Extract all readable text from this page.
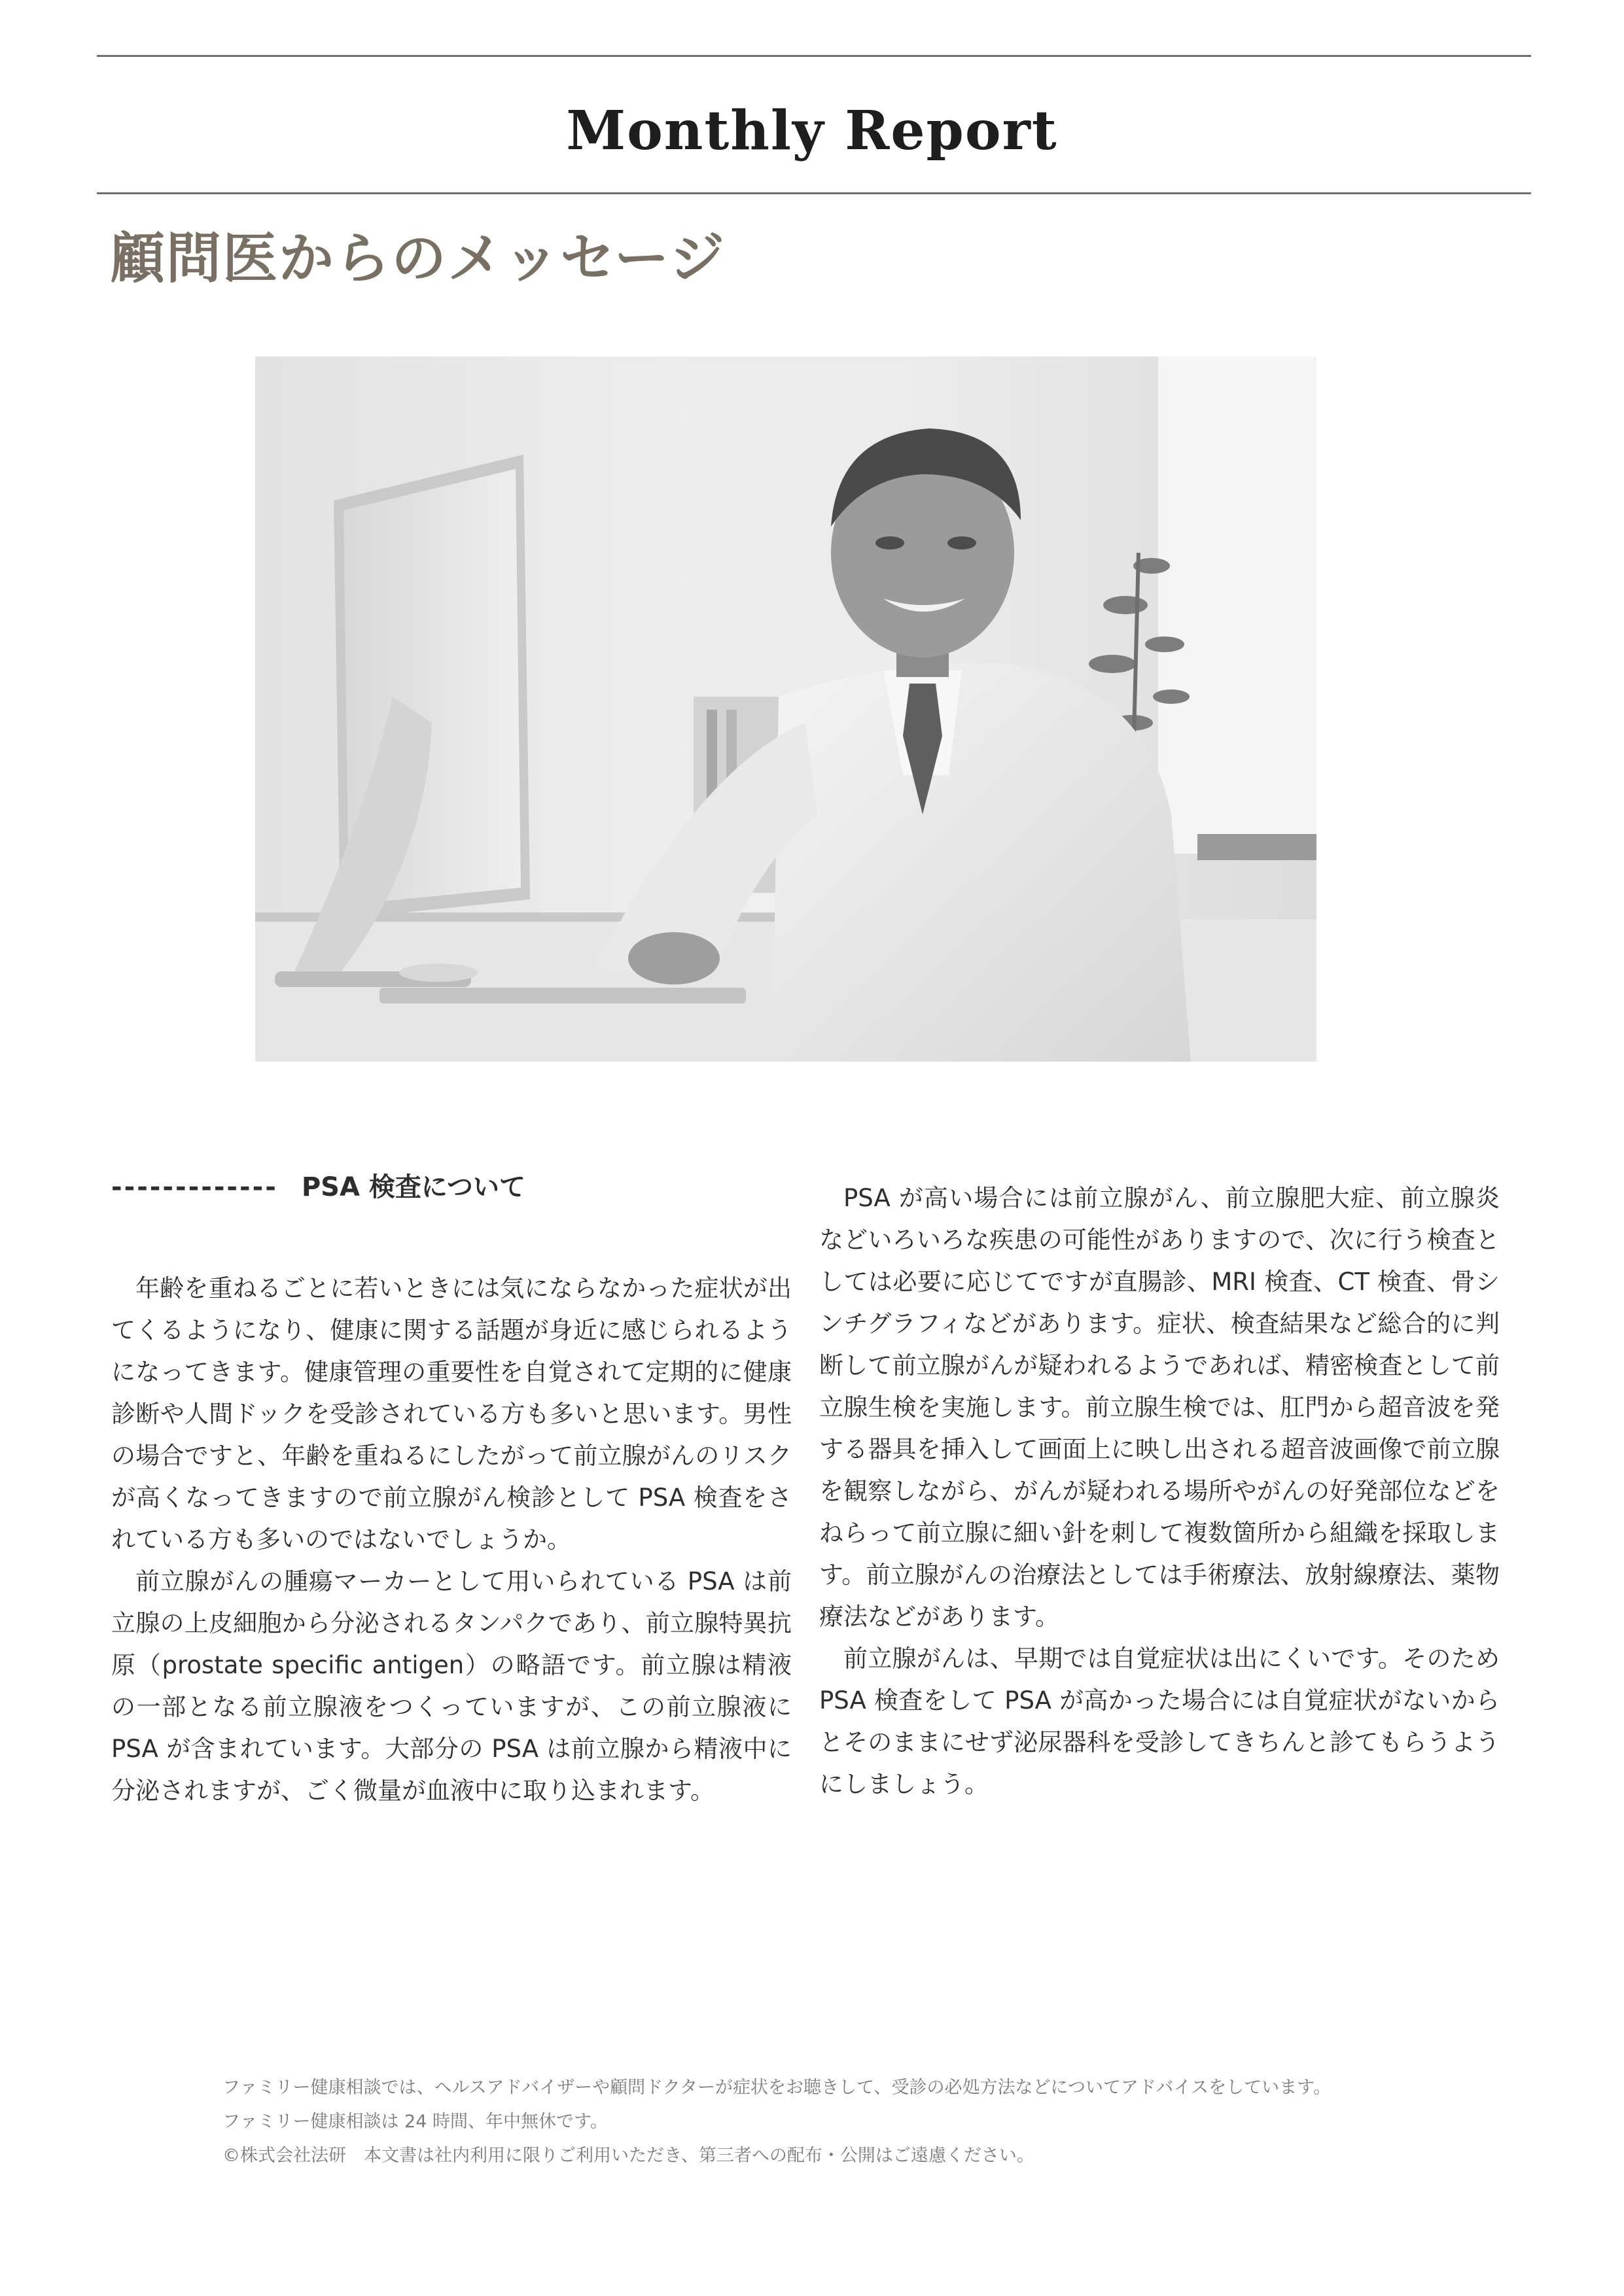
Monthly Report
顧問医からのメッセージ
------------- PSA 検査について

年齢を重ねるごとに若いときには気にならなかった症状が出てくるようになり、健康に関する話題が身近に感じられるようになってきます。健康管理の重要性を自覚されて定期的に健康診断や人間ドックを受診されている方も多いと思います。男性の場合ですと、年齢を重ねるにしたがって前立腺がんのリスクが高くなってきますので前立腺がん検診として PSA 検査をされている方も多いのではないでしょうか。

前立腺がんの腫瘍マーカーとして用いられている PSA は前立腺の上皮細胞から分泌されるタンパクであり、前立腺特異抗原（prostate specific antigen）の略語です。前立腺は精液の一部となる前立腺液をつくっていますが、この前立腺液に PSA が含まれています。大部分の PSA は前立腺から精液中に分泌されますが、ごく微量が血液中に取り込まれます。

PSA が高い場合には前立腺がん、前立腺肥大症、前立腺炎などいろいろな疾患の可能性がありますので、次に行う検査としては必要に応じてですが直腸診、MRI 検査、CT 検査、骨シンチグラフィなどがあります。症状、検査結果など総合的に判断して前立腺がんが疑われるようであれば、精密検査として前立腺生検を実施します。前立腺生検では、肛門から超音波を発する器具を挿入して画面上に映し出される超音波画像で前立腺を観察しながら、がんが疑われる場所やがんの好発部位などをねらって前立腺に細い針を刺して複数箇所から組織を採取します。前立腺がんの治療法としては手術療法、放射線療法、薬物療法などがあります。

前立腺がんは、早期では自覚症状は出にくいです。そのため PSA 検査をして PSA が高かった場合には自覚症状がないからとそのままにせず泌尿器科を受診してきちんと診てもらうようにしましょう。

ファミリー健康相談では、ヘルスアドバイザーや顧問ドクターが症状をお聴きして、受診の必処方法などについてアドバイスをしています。
ファミリー健康相談は 24 時間、年中無休です。
©株式会社法研　本文書は社内利用に限りご利用いただき、第三者への配布・公開はご遠慮ください。
